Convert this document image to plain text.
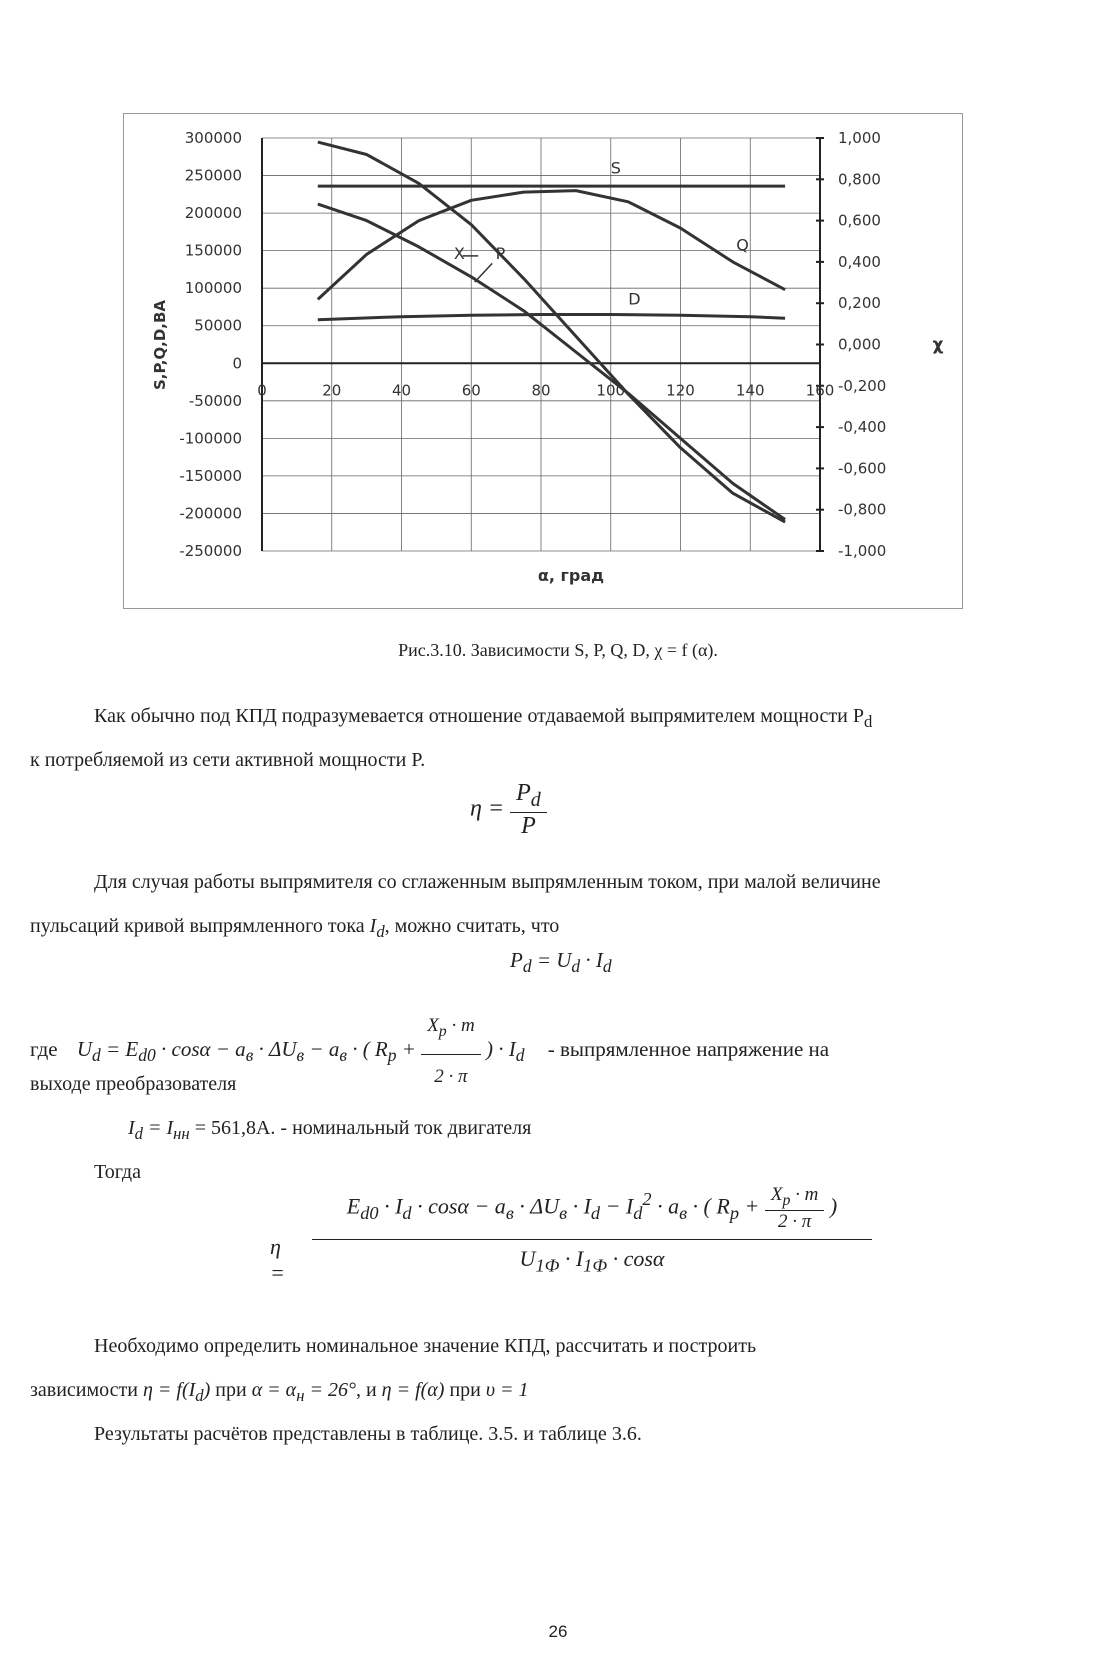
300000
250000
200000
150000
100000
50000
0
-50000
-100000
-150000
-200000
-250000
1,000
0,800
0,600
0,400
0,200
0,000
-0,200
-0,400
-0,600
-0,800
-1,000
0	20	40	60	80	100	120	140	160
α, град
S,P,Q,D,BA	χ
S
Q
X P
D
Рис.3.10. Зависимости S, P, Q, D, χ = f (α).
Как обычно под КПД подразумевается отношение отдаваемой выпрямителем мощности $P_d$
к потребляемой из сети активной мощности P.
$\eta = \frac{P_d}{P}$
Для случая работы выпрямителя со сглаженным выпрямленным током, при малой величине
пульсаций кривой выпрямленного тока $I_d$, можно считать, что
$P_d = U_d \cdot I_d$
где $U_d = E_{d0} \cdot \cos\alpha - a_в \cdot \Delta U_в - a_в$ · ( $R_p + \frac{X_p \cdot m}{2 \cdot \pi}$ ) · $I_d$ - выпрямленное напряжение на
выходе преобразователя
$I_d = I_{нн} = 561,8A$. - номинальный ток двигателя
Тогда
η =
$E_{d0} \cdot I_d \cdot \cos\alpha - a_в \cdot \Delta U_в \cdot I_d - I_d^2 \cdot a_в$ · ( $R_p + \frac{X_p \cdot m}{2 \cdot \pi}$ )
$U_{1Ф} \cdot I_{1Ф} \cdot \cos\alpha$
Необходимо определить номинальное значение КПД, рассчитать и построить
зависимости $\eta = f(I_d)$ при $\alpha = \alpha_н = 26^\circ$, и η = f(α) при υ = 1
Результаты расчётов представлены в таблице. 3.5. и таблице 3.6.
26
